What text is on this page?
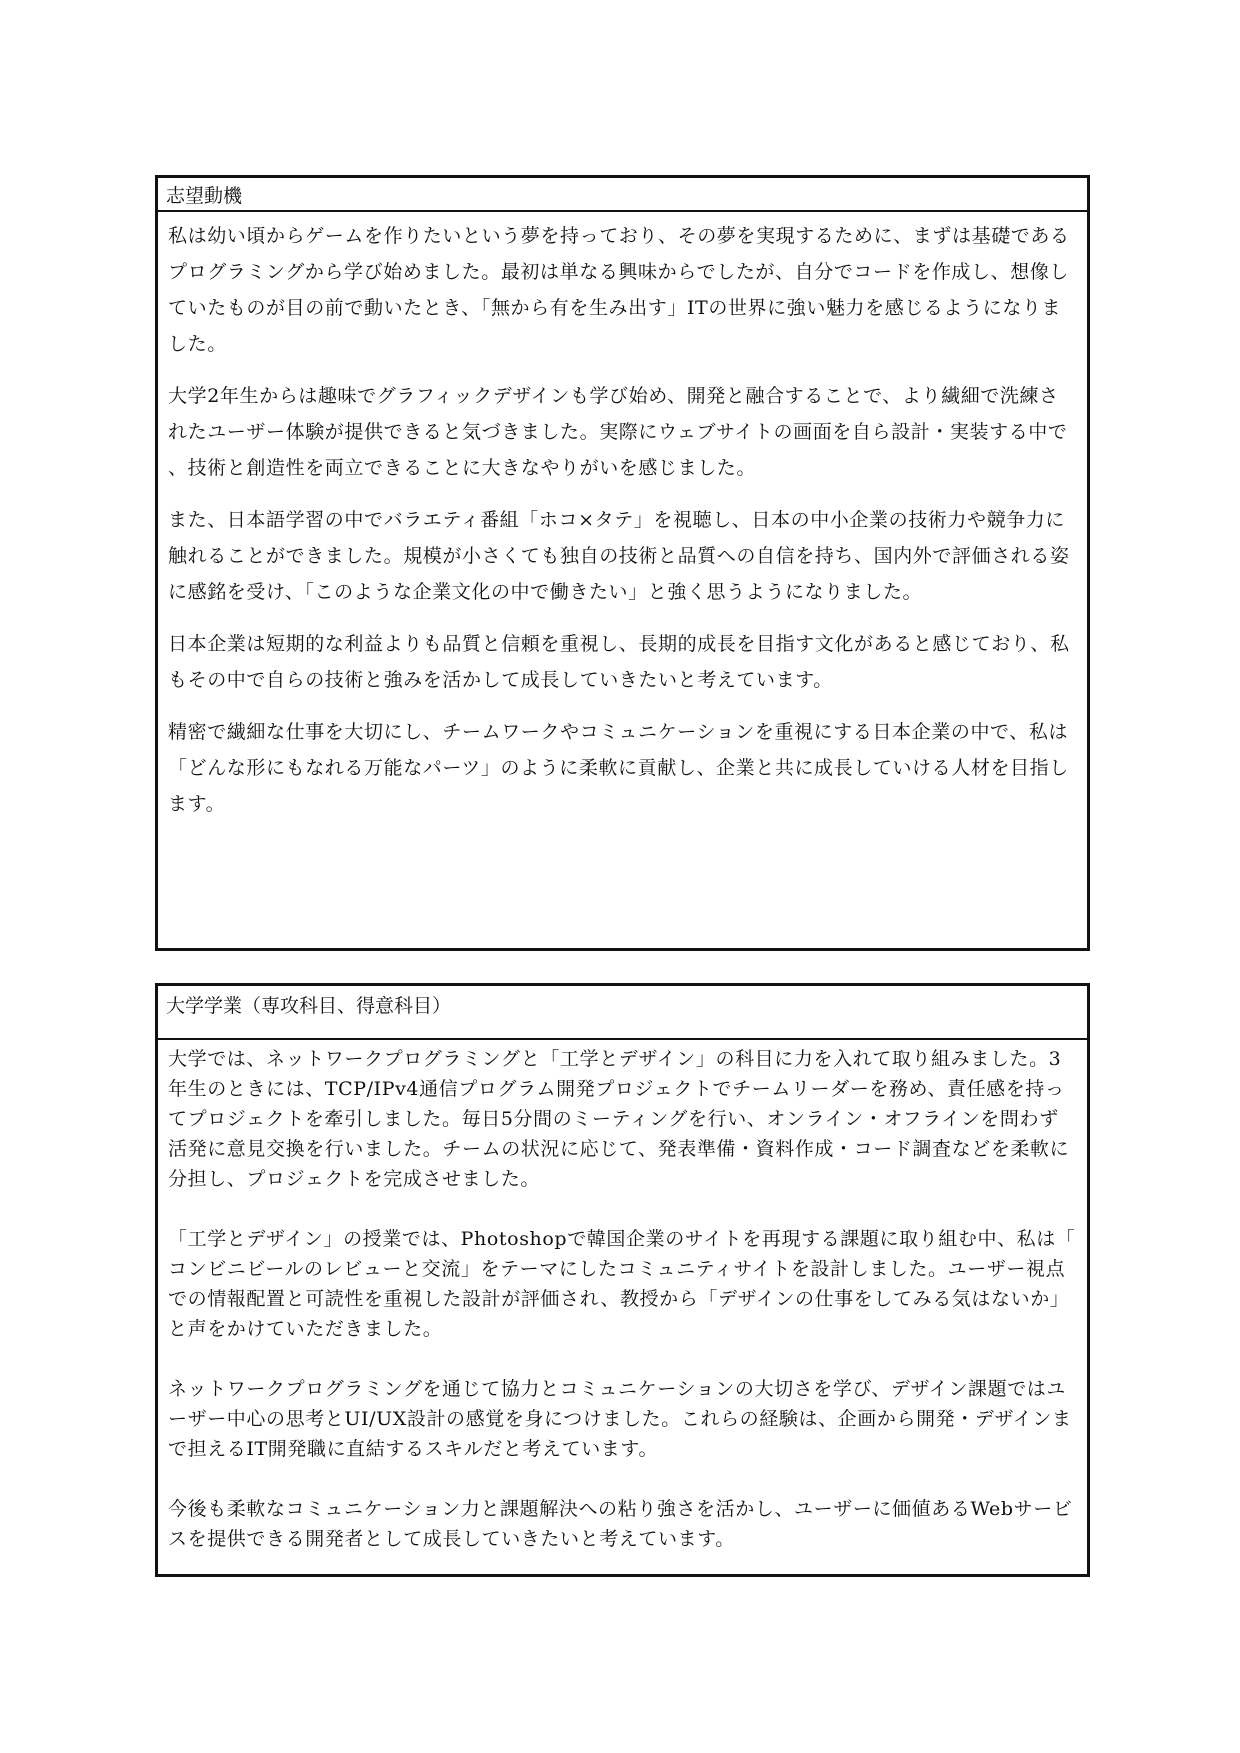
志望動機

私は幼い頃からゲームを作りたいという夢を持っており、その夢を実現するために、まずは基礎であるプログラミングから学び始めました。最初は単なる興味からでしたが、自分でコードを作成し、想像していたものが目の前で動いたとき、「無から有を生み出す」ITの世界に強い魅力を感じるようになりました。

大学2年生からは趣味でグラフィックデザインも学び始め、開発と融合することで、より繊細で洗練されたユーザー体験が提供できると気づきました。実際にウェブサイトの画面を自ら設計・実装する中で、技術と創造性を両立できることに大きなやりがいを感じました。

また、日本語学習の中でバラエティ番組「ホコ×タテ」を視聴し、日本の中小企業の技術力や競争力に触れることができました。規模が小さくても独自の技術と品質への自信を持ち、国内外で評価される姿に感銘を受け、「このような企業文化の中で働きたい」と強く思うようになりました。

日本企業は短期的な利益よりも品質と信頼を重視し、長期的成長を目指す文化があると感じており、私もその中で自らの技術と強みを活かして成長していきたいと考えています。

精密で繊細な仕事を大切にし、チームワークやコミュニケーションを重視にする日本企業の中で、私は「どんな形にもなれる万能なパーツ」のように柔軟に貢献し、企業と共に成長していける人材を目指します。

大学学業（専攻科目、得意科目）

大学では、ネットワークプログラミングと「工学とデザイン」の科目に力を入れて取り組みました。3年生のときには、TCP/IPv4通信プログラム開発プロジェクトでチームリーダーを務め、責任感を持ってプロジェクトを牽引しました。毎日5分間のミーティングを行い、オンライン・オフラインを問わず活発に意見交換を行いました。チームの状況に応じて、発表準備・資料作成・コード調査などを柔軟に分担し、プロジェクトを完成させました。

「工学とデザイン」の授業では、Photoshopで韓国企業のサイトを再現する課題に取り組む中、私は「コンビニビールのレビューと交流」をテーマにしたコミュニティサイトを設計しました。ユーザー視点での情報配置と可読性を重視した設計が評価され、教授から「デザインの仕事をしてみる気はないか」と声をかけていただきました。

ネットワークプログラミングを通じて協力とコミュニケーションの大切さを学び、デザイン課題ではユーザー中心の思考とUI/UX設計の感覚を身につけました。これらの経験は、企画から開発・デザインまで担えるIT開発職に直結するスキルだと考えています。

今後も柔軟なコミュニケーション力と課題解決への粘り強さを活かし、ユーザーに価値あるWebサービスを提供できる開発者として成長していきたいと考えています。
